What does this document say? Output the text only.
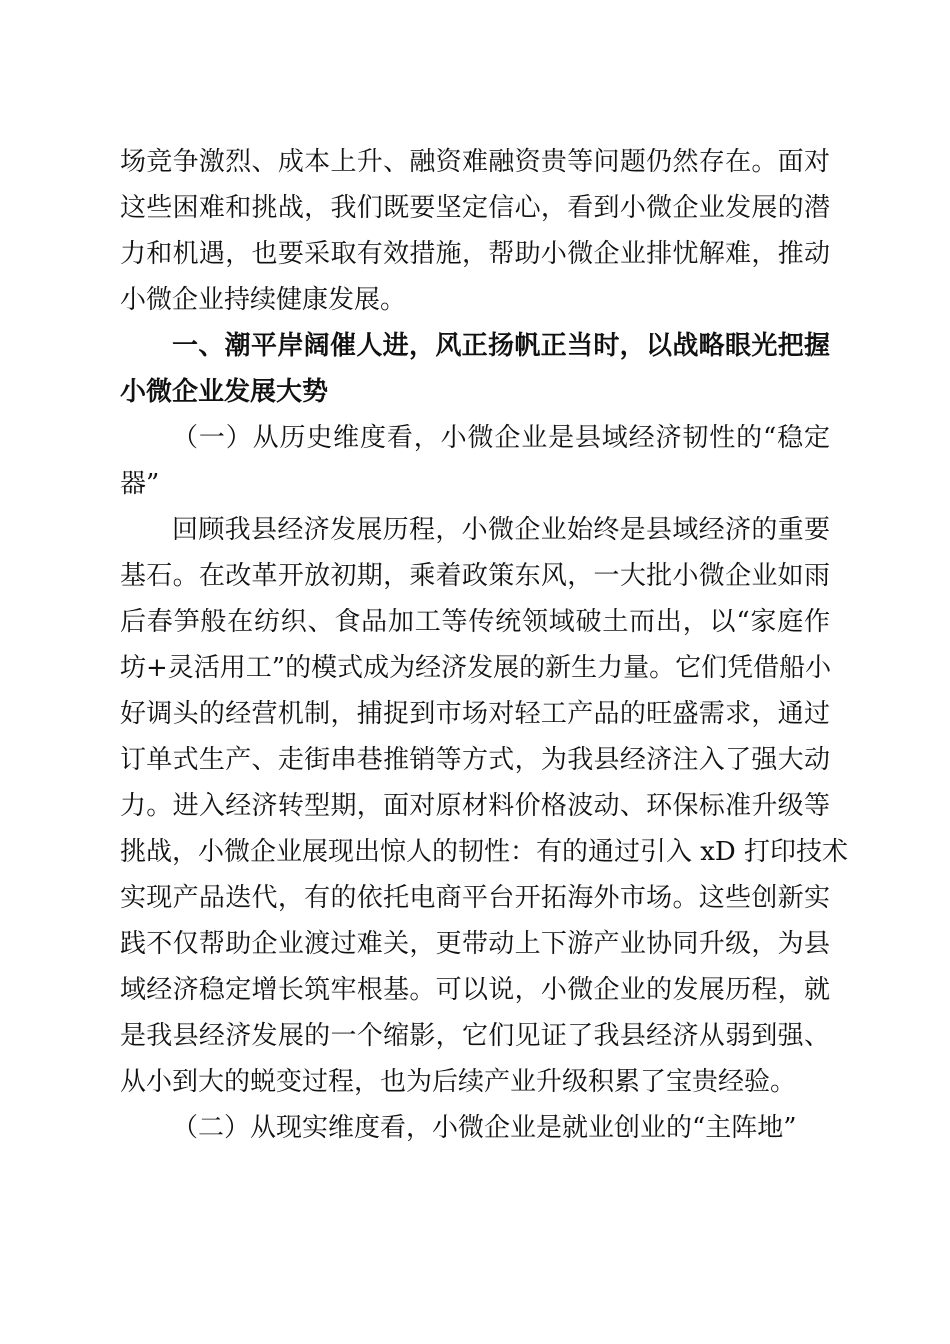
场竞争激烈、成本上升、融资难融资贵等问题仍然存在。面对
这些困难和挑战，我们既要坚定信心，看到小微企业发展的潜
力和机遇，也要采取有效措施，帮助小微企业排忧解难，推动
小微企业持续健康发展。
一、潮平岸阔催人进，风正扬帆正当时，以战略眼光把握
小微企业发展大势
（一）从历史维度看，小微企业是县域经济韧性的“稳定
器”
回顾我县经济发展历程，小微企业始终是县域经济的重要
基石。在改革开放初期，乘着政策东风，一大批小微企业如雨
后春笋般在纺织、食品加工等传统领域破土而出，以“家庭作
坊+灵活用工”的模式成为经济发展的新生力量。它们凭借船小
好调头的经营机制，捕捉到市场对轻工产品的旺盛需求，通过
订单式生产、走街串巷推销等方式，为我县经济注入了强大动
力。进入经济转型期，面对原材料价格波动、环保标准升级等
挑战，小微企业展现出惊人的韧性：有的通过引入 xD 打印技术
实现产品迭代，有的依托电商平台开拓海外市场。这些创新实
践不仅帮助企业渡过难关，更带动上下游产业协同升级，为县
域经济稳定增长筑牢根基。可以说，小微企业的发展历程，就
是我县经济发展的一个缩影，它们见证了我县经济从弱到强、
从小到大的蜕变过程，也为后续产业升级积累了宝贵经验。
（二）从现实维度看，小微企业是就业创业的“主阵地”
